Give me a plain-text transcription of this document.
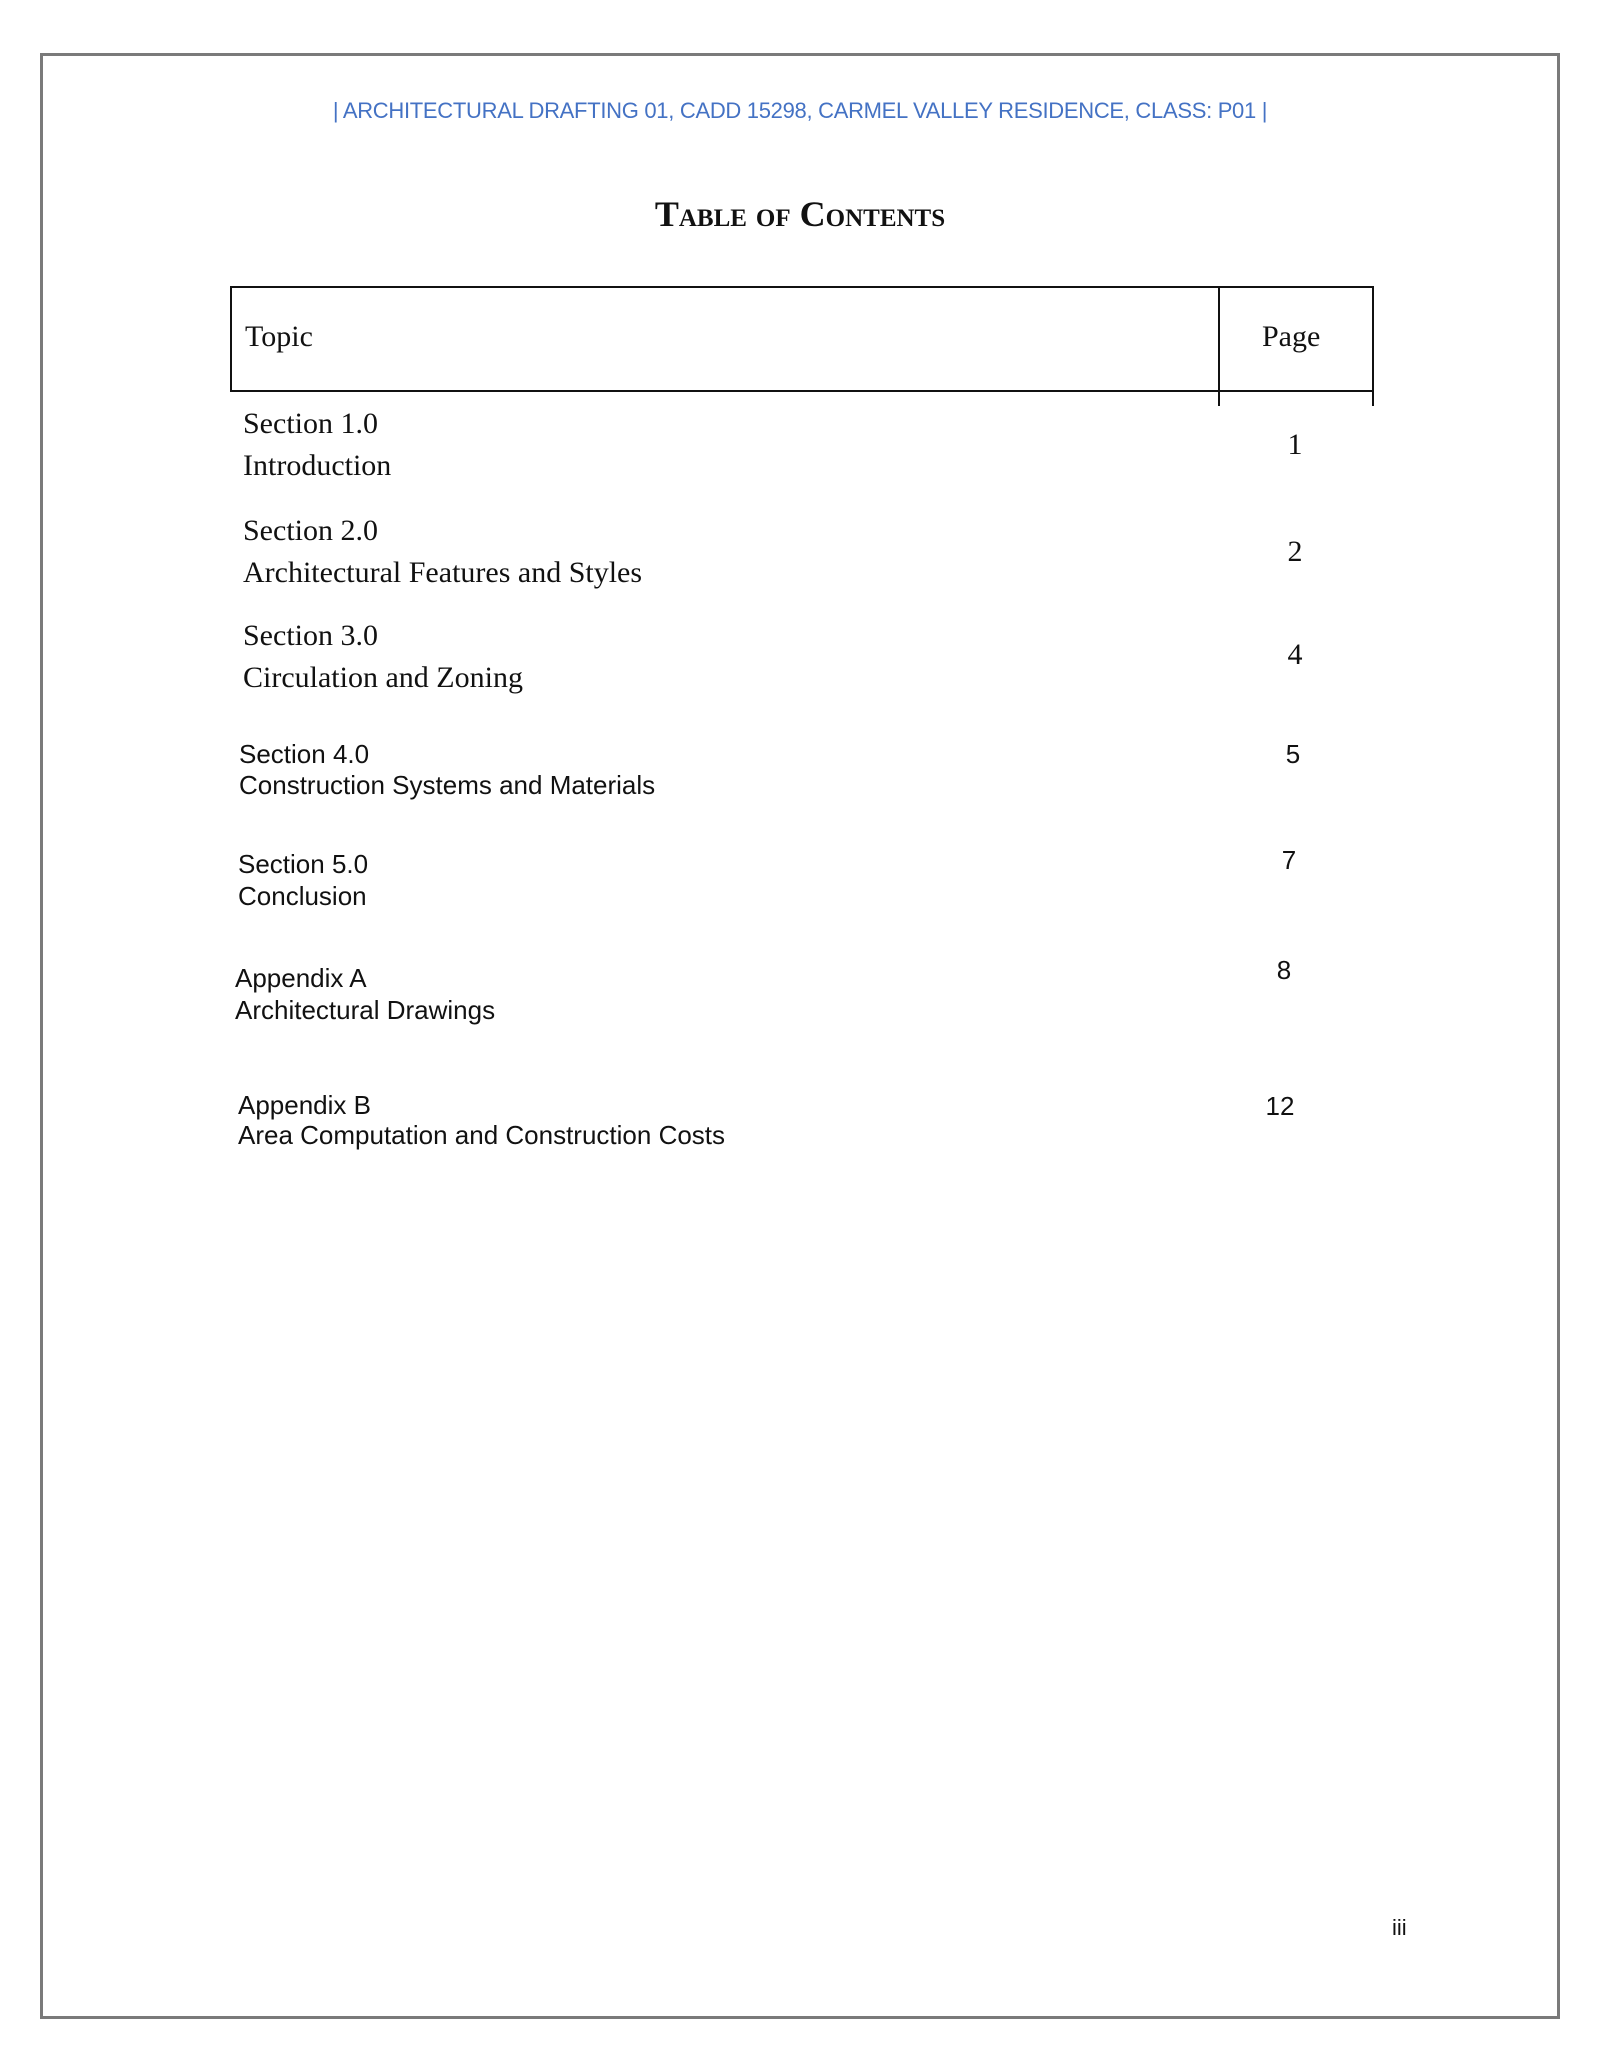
| ARCHITECTURAL DRAFTING 01, CADD 15298, CARMEL VALLEY RESIDENCE, CLASS: P01 |
Table of Contents
Topic	Page
Section 1.0
Introduction
1
Section 2.0
Architectural Features and Styles
2
Section 3.0
Circulation and Zoning
4
Section 4.0
Construction Systems and Materials
5
Section 5.0
Conclusion
7
Appendix A
Architectural Drawings
8
Appendix B
Area Computation and Construction Costs
12
iii
